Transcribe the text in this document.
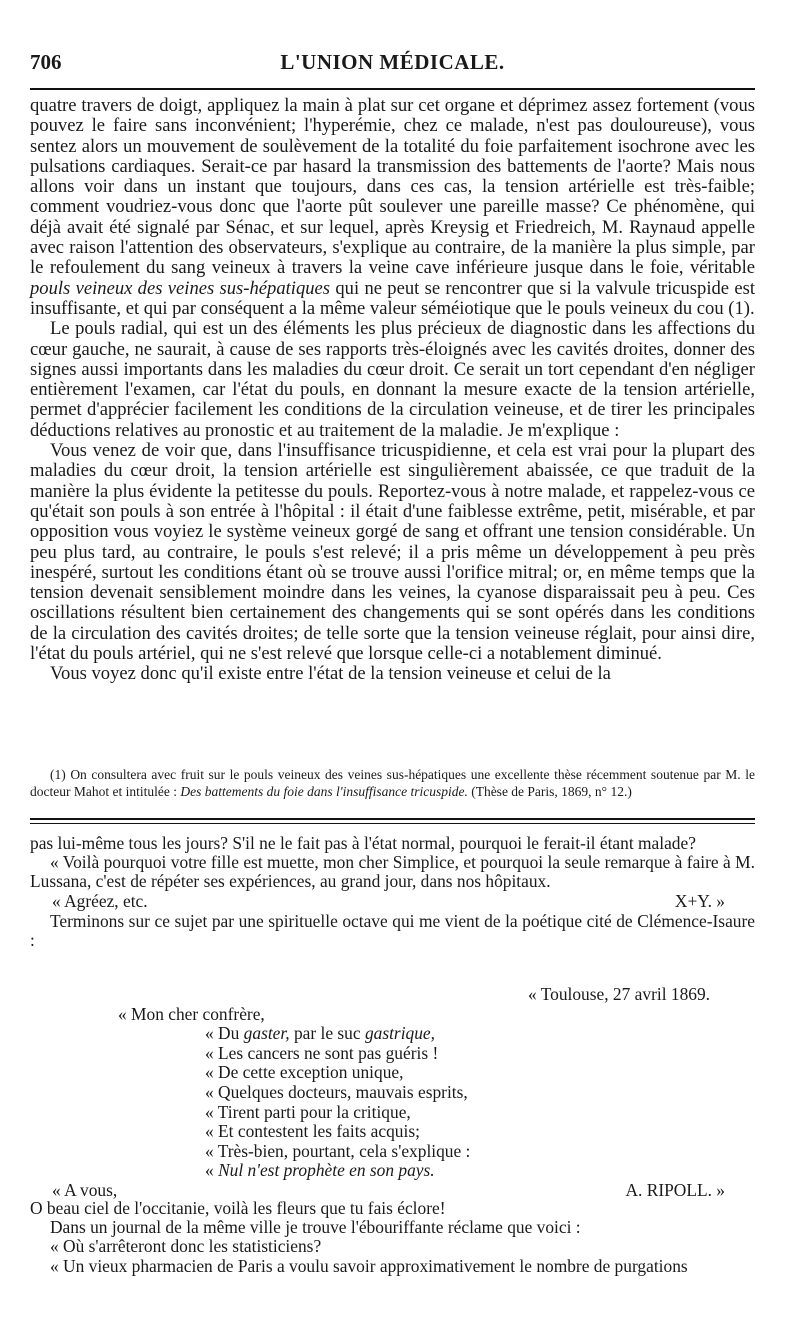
706	L'UNION MÉDICALE.

quatre travers de doigt, appliquez la main à plat sur cet organe et déprimez assez fortement (vous pouvez le faire sans inconvénient; l'hyperémie, chez ce malade, n'est pas douloureuse), vous sentez alors un mouvement de soulèvement de la totalité du foie parfaitement isochrone avec les pulsations cardiaques. Serait-ce par hasard la transmission des battements de l'aorte? Mais nous allons voir dans un instant que toujours, dans ces cas, la tension artérielle est très-faible; comment voudriez-vous donc que l'aorte pût soulever une pareille masse? Ce phénomène, qui déjà avait été signalé par Sénac, et sur lequel, après Kreysig et Friedreich, M. Raynaud appelle avec raison l'attention des observateurs, s'explique au contraire, de la manière la plus simple, par le refoulement du sang veineux à travers la veine cave inférieure jusque dans le foie, véritable pouls veineux des veines sus-hépatiques qui ne peut se rencontrer que si la valvule tricuspide est insuffisante, et qui par conséquent a la même valeur séméiotique que le pouls veineux du cou (1).

Le pouls radial, qui est un des éléments les plus précieux de diagnostic dans les affections du cœur gauche, ne saurait, à cause de ses rapports très-éloignés avec les cavités droites, donner des signes aussi importants dans les maladies du cœur droit. Ce serait un tort cependant d'en négliger entièrement l'examen, car l'état du pouls, en donnant la mesure exacte de la tension artérielle, permet d'apprécier facilement les conditions de la circulation veineuse, et de tirer les principales déductions relatives au pronostic et au traitement de la maladie. Je m'explique :

Vous venez de voir que, dans l'insuffisance tricuspidienne, et cela est vrai pour la plupart des maladies du cœur droit, la tension artérielle est singulièrement abaissée, ce que traduit de la manière la plus évidente la petitesse du pouls. Reportez-vous à notre malade, et rappelez-vous ce qu'était son pouls à son entrée à l'hôpital : il était d'une faiblesse extrême, petit, misérable, et par opposition vous voyiez le système veineux gorgé de sang et offrant une tension considérable. Un peu plus tard, au contraire, le pouls s'est relevé; il a pris même un développement à peu près inespéré, surtout les conditions étant où se trouve aussi l'orifice mitral; or, en même temps que la tension devenait sensiblement moindre dans les veines, la cyanose disparaissait peu à peu. Ces oscillations résultent bien certainement des changements qui se sont opérés dans les conditions de la circulation des cavités droites; de telle sorte que la tension veineuse réglait, pour ainsi dire, l'état du pouls artériel, qui ne s'est relevé que lorsque celle-ci a notablement diminué.

Vous voyez donc qu'il existe entre l'état de la tension veineuse et celui de la

(1) On consultera avec fruit sur le pouls veineux des veines sus-hépatiques une excellente thèse récemment soutenue par M. le docteur Mahot et intitulée : Des battements du foie dans l'insuffisance tricuspide. (Thèse de Paris, 1869, n° 12.)

pas lui-même tous les jours? S'il ne le fait pas à l'état normal, pourquoi le ferait-il étant malade?

« Voilà pourquoi votre fille est muette, mon cher Simplice, et pourquoi la seule remarque à faire à M. Lussana, c'est de répéter ses expériences, au grand jour, dans nos hôpitaux.

« Agréez, etc.	X+Y. »

Terminons sur ce sujet par une spirituelle octave qui me vient de la poétique cité de Clémence-Isaure :

« Toulouse, 27 avril 1869.
« Mon cher confrère,
« Du gaster, par le suc gastrique,
« Les cancers ne sont pas guéris !
« De cette exception unique,
« Quelques docteurs, mauvais esprits,
« Tirent parti pour la critique,
« Et contestent les faits acquis;
« Très-bien, pourtant, cela s'explique :
« Nul n'est prophète en son pays.
« A vous,	A. RIPOLL. »

O beau ciel de l'occitanie, voilà les fleurs que tu fais éclore!

Dans un journal de la même ville je trouve l'ébouriffante réclame que voici :

« Où s'arrêteront donc les statisticiens?

« Un vieux pharmacien de Paris a voulu savoir approximativement le nombre de purgations
